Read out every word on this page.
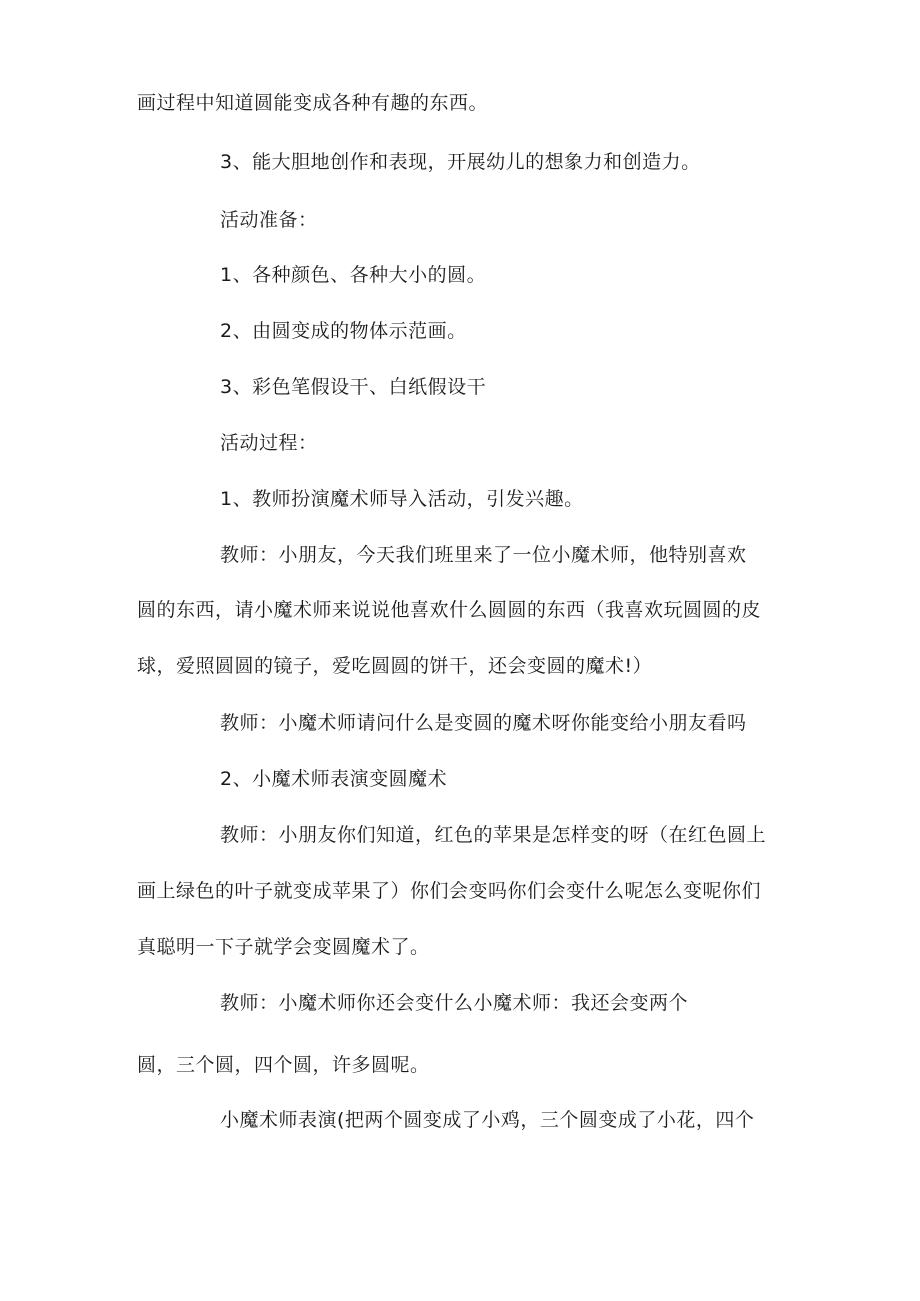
画过程中知道圆能变成各种有趣的东西。
3、能大胆地创作和表现，开展幼儿的想象力和创造力。
活动准备：
1、各种颜色、各种大小的圆。
2、由圆变成的物体示范画。
3、彩色笔假设干、白纸假设干
活动过程：
1、教师扮演魔术师导入活动，引发兴趣。
教师：小朋友，今天我们班里来了一位小魔术师，他特别喜欢
圆的东西，请小魔术师来说说他喜欢什么圆圆的东西（我喜欢玩圆圆的皮
球，爱照圆圆的镜子，爱吃圆圆的饼干，还会变圆的魔术!）
教师：小魔术师请问什么是变圆的魔术呀你能变给小朋友看吗
2、小魔术师表演变圆魔术
教师：小朋友你们知道，红色的苹果是怎样变的呀（在红色圆上
画上绿色的叶子就变成苹果了）你们会变吗你们会变什么呢怎么变呢你们
真聪明一下子就学会变圆魔术了。
教师：小魔术师你还会变什么小魔术师：我还会变两个
圆，三个圆，四个圆，许多圆呢。
小魔术师表演(把两个圆变成了小鸡，三个圆变成了小花，四个
